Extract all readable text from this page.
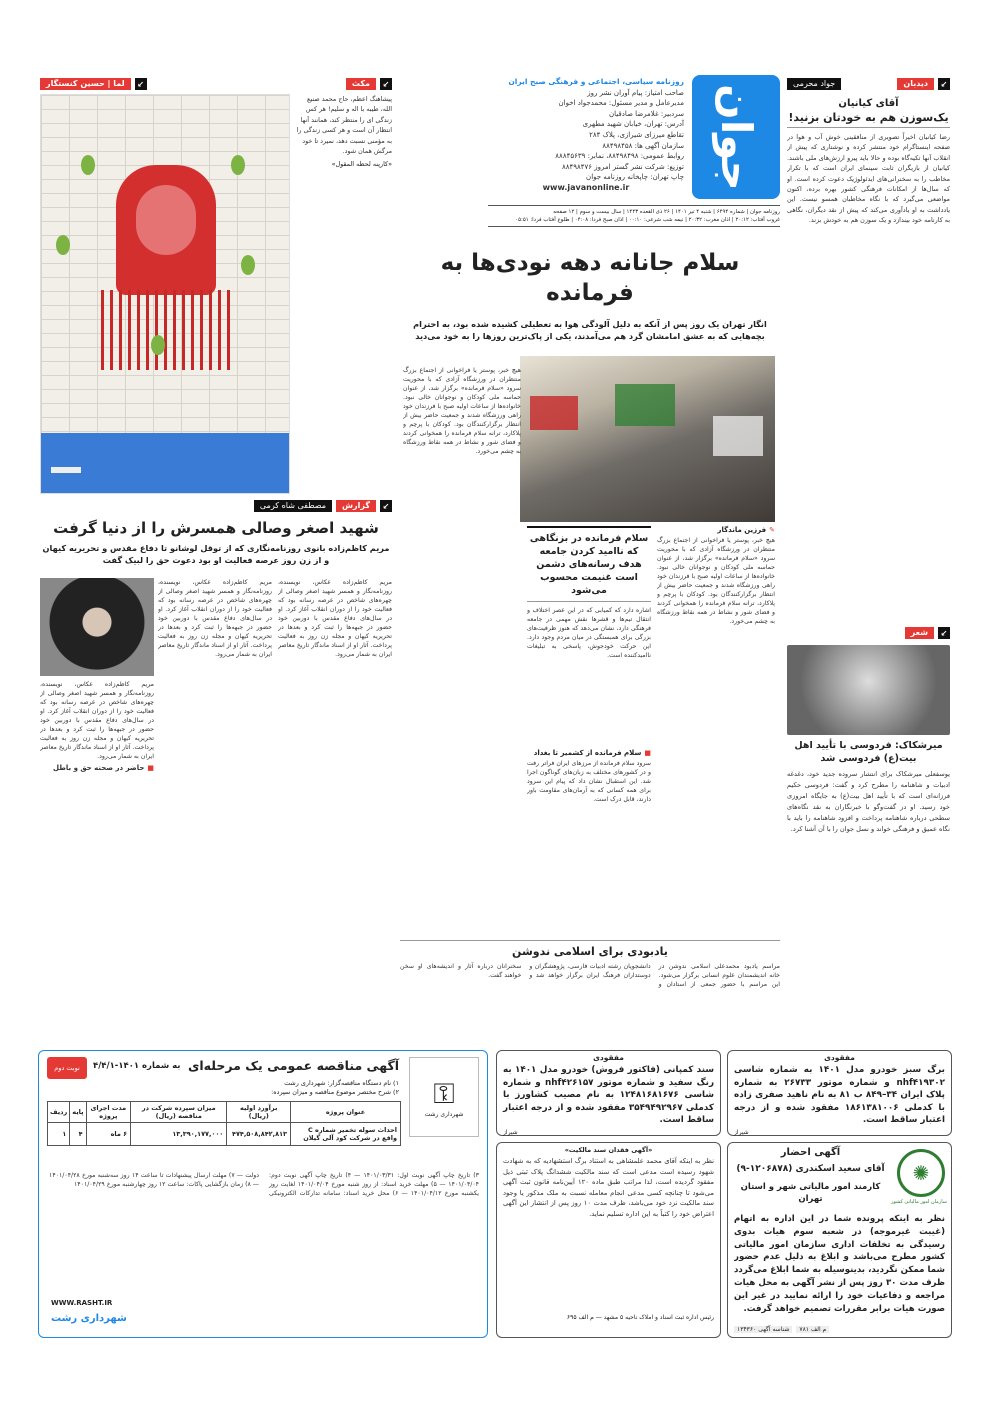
جوان
روزنامه سیاسی، اجتماعی و فرهنگی صبح ایران
صاحب امتیاز: پیام آوران نشر روز
مدیرعامل و مدیر مسئول: محمدجواد اخوان
سردبیر: غلامرضا صادقیان
آدرس: تهران، خیابان شهید مطهری
تقاطع میرزای شیرازی، پلاک ۲۸۴
سازمان آگهی ها: ۸۸۴۹۸۴۵۸
روابط عمومی: ۸۸۴۹۸۴۹۸، نمابر: ۸۸۸۴۵۶۳۹
توزیع: شرکت نشر گستر امروز ۸۸۴۹۸۴۷۶
چاپ تهران: چاپخانه روزنامه جوان
www.javanonline.ir
روزنامه جوان | شماره ۶۴۹۴ | شنبه ۴ تیر ۱۴۰۱ | ۲۶ ذی القعده ۱۴۴۳ | سال بیست و سوم | ۱۲ صفحه
غروب آفتاب: ۲۰:۱۲ | اذان مغرب: ۲۰:۳۲ | نیمه شب شرعی: ۰۰:۱۰ | اذان صبح فردا: ۰۴:۰۸ | طلوع آفتاب فردا: ۰۵:۵۱
↙
دیدبان
جواد محرمی
آقای کیانیان
یک‌سوزن هم به خودتان بزنید!
رضا کیانیان اخیراً تصویری از منافقینی خوش آب و هوا در صفحه اینستاگرام خود منتشر کرده و نوشتاری که پیش از انقلاب آنها تکیه‌گاه بوده و حالا باید پیرو ارزش‌های ملی باشند. کیانیان از بازیگران ثابت سینمای ایران است که با تکرار مخاطب را به سخنرانی‌های ایدئولوژیک دعوت کرده است. او که سال‌ها از امکانات فرهنگی کشور بهره برده، اکنون مواضعی می‌گیرد که با نگاه مخاطبان همسو نیست. این یادداشت به او یادآوری می‌کند که پیش از نقد دیگران، نگاهی به کارنامه خود بیندازد و یک سوزن هم به خودش بزند.
↙
شعر
میرشکاک: فردوسی با تأیید اهل بیت(ع) فردوسی شد
یوسفعلی میرشکاک برای انتشار سروده جدید خود، دغدغه ادبیات و شاهنامه را مطرح کرد و گفت: فردوسی حکیم فرزانه‌ای است که با تأیید اهل بیت(ع) به جایگاه امروزی خود رسید. او در گفت‌وگو با خبرنگاران به نقد نگاه‌های سطحی درباره شاهنامه پرداخت و افزود شاهنامه را باید با نگاه عمیق و فرهنگی خواند و نسل جوان را با آن آشنا کرد.
سلام جانانه دهه نودی‌ها به فرمانده
انگار تهران یک روز پس از آنکه به دلیل آلودگی هوا به تعطیلی کشیده شده بود، به احترام بچه‌هایی که به عشق امامشان گرد هم می‌آمدند، یکی از پاک‌ترین روزها را به خود می‌دید
✎
فرزین ماندگار
هیچ خبر، پوستر یا فراخوانی از اجتماع بزرگ منتظران در ورزشگاه آزادی که با محوریت سرود «سلام فرمانده» برگزار شد، از عنوان حماسه ملی کودکان و نوجوانان خالی نبود. خانواده‌ها از ساعات اولیه صبح با فرزندان خود راهی ورزشگاه شدند و جمعیت حاضر بیش از انتظار برگزارکنندگان بود. کودکان با پرچم و پلاکارد، ترانه سلام فرمانده را همخوانی کردند و فضای شور و نشاط در همه نقاط ورزشگاه به چشم می‌خورد.
سلام فرمانده در بزنگاهی که ناامید کردن جامعه هدف رسانه‌های دشمن است غنیمت محسوب می‌شود
اشاره دارد که کمیابی که در این عصر اختلاف و انتقال تیم‌ها و قشرها نقش مهمی در جامعه فرهنگی دارد، نشان می‌دهد که هنوز ظرفیت‌های بزرگی برای همبستگی در میان مردم وجود دارد. این حرکت خودجوش، پاسخی به تبلیغات ناامیدکننده است.
■
سلام فرمانده از کشمیر تا بغداد
سرود سلام فرمانده از مرزهای ایران فراتر رفت و در کشورهای مختلف به زبان‌های گوناگون اجرا شد. این استقبال نشان داد که پیام این سرود برای همه کسانی که به آرمان‌های مقاومت باور دارند، قابل درک است.
هیچ خبر، پوستر یا فراخوانی از اجتماع بزرگ منتظران در ورزشگاه آزادی که با محوریت سرود «سلام فرمانده» برگزار شد، از عنوان حماسه ملی کودکان و نوجوانان خالی نبود. خانواده‌ها از ساعات اولیه صبح با فرزندان خود راهی ورزشگاه شدند و جمعیت حاضر بیش از انتظار برگزارکنندگان بود. کودکان با پرچم و پلاکارد، ترانه سلام فرمانده را همخوانی کردند و فضای شور و نشاط در همه نقاط ورزشگاه به چشم می‌خورد.
↙
مکث
↙
لما | حسین کنستگار
پیشاهنگ اعظم، حاج محمد صنیع الله، طیبه با اله و سلیم! هر کس زندگی ای را منتظر کند، همانند آنها انتظار آن است و هر کسی زندگی را به مؤمنی نسبت دهد، نمیرد تا خود مرگش همان شود.
«کارپنه لحظه المقول»
↙
گزارش
مصطفی شاه کرمی
شهید اصغر وصالی همسرش را از دنیا گرفت
مریم کاظم‌زاده بانوی روزنامه‌نگاری که از توقل لوشانو تا دفاع مقدس و تحریریه کیهان و از زن روز عرصه فعالیت او بود دعوت حق را لبیک گفت
مریم کاظم‌زاده عکاس، نویسنده، روزنامه‌نگار و همسر شهید اصغر وصالی از چهره‌های شاخص در عرصه رسانه بود که فعالیت خود را از دوران انقلاب آغاز کرد. او در سال‌های دفاع مقدس با دوربین خود حضور در جبهه‌ها را ثبت کرد و بعدها در تحریریه کیهان و مجله زن روز به فعالیت پرداخت. آثار او از اسناد ماندگار تاریخ معاصر ایران به شمار می‌رود.
مریم کاظم‌زاده عکاس، نویسنده، روزنامه‌نگار و همسر شهید اصغر وصالی از چهره‌های شاخص در عرصه رسانه بود که فعالیت خود را از دوران انقلاب آغاز کرد. او در سال‌های دفاع مقدس با دوربین خود حضور در جبهه‌ها را ثبت کرد و بعدها در تحریریه کیهان و مجله زن روز به فعالیت پرداخت. آثار او از اسناد ماندگار تاریخ معاصر ایران به شمار می‌رود.
مریم کاظم‌زاده عکاس، نویسنده، روزنامه‌نگار و همسر شهید اصغر وصالی از چهره‌های شاخص در عرصه رسانه بود که فعالیت خود را از دوران انقلاب آغاز کرد. او در سال‌های دفاع مقدس با دوربین خود حضور در جبهه‌ها را ثبت کرد و بعدها در تحریریه کیهان و مجله زن روز به فعالیت پرداخت. آثار او از اسناد ماندگار تاریخ معاصر ایران به شمار می‌رود.
■
حاضر در صحنه حق و باطل
یادبودی برای اسلامی ندوشن
مراسم یادبود محمدعلی اسلامی ندوشن در خانه اندیشمندان علوم انسانی برگزار می‌شود. این مراسم با حضور جمعی از استادان و دانشجویان رشته ادبیات فارسی، پژوهشگران و دوستداران فرهنگ ایران برگزار خواهد شد و سخنرانان درباره آثار و اندیشه‌های او سخن خواهند گفت.
نوبت دوم به شماره ۱۴۰۱-۴/۴/۱ آگهی مناقصه عمومی یک مرحله‌ای
⚿
شهرداری رشت
۱) نام دستگاه مناقصه‌گزار: شهرداری رشت
۲) شرح مختصر موضوع مناقصه و میزان سپرده:
عنوان پروژه	برآورد اولیه (ریال)	میزان سپرده شرکت در مناقصه (ریال)	مدت اجرای پروژه	پایه	ردیف
احداث سوله تخمیر شماره C واقع در شرکت کود آلی گیلان	۴۷۴,۵۰۸,۸۴۲,۸۱۳	۱۳,۳۹۰,۱۷۷,۰۰۰	۶ ماه	۴	۱
۳) تاریخ چاپ آگهی نوبت اول: ۱۴۰۱/۰۳/۳۱ — ۴) تاریخ چاپ آگهی نوبت دوم: ۱۴۰۱/۰۴/۰۴ — ۵) مهلت خرید اسناد: از روز شنبه مورخ ۱۴۰۱/۰۴/۰۴ لغایت روز یکشنبه مورخ ۱۴۰۱/۰۴/۱۲ — ۶) محل خرید اسناد: سامانه تدارکات الکترونیکی دولت — ۷) مهلت ارسال پیشنهادات تا ساعت ۱۴ روز سه‌شنبه مورخ ۱۴۰۱/۰۴/۲۸ — ۸) زمان بازگشایی پاکات: ساعت ۱۲ روز چهارشنبه مورخ ۱۴۰۱/۰۴/۲۹
WWW.RASHT.IR
شهرداری رشت
مفقودی
سند کمپانی (فاکتور فروش) خودرو مدل ۱۴۰۱ به رنگ سفید و شماره موتور nhf۴۲۶۱۵۷ و شماره شاسی ۱۲۴۸۱۶۸۱۶۷۶ به نام مصیب کشاورز با کدملی ۳۵۴۹۴۹۲۹۶۷ مفقود شده و از درجه اعتبار ساقط است.
شیراز
مفقودی
برگ سبز خودرو مدل ۱۴۰۱ به شماره شاسی nhf۴۱۹۳۰۲ و شماره موتور ۲۶۷۳۳ به شماره پلاک ایران ۳۴–۸۴۹ ب ۸۱ به نام ناهید صفری زاده با کدملی ۱۸۶۱۳۸۱۰۰۶ مفقود شده و از درجه اعتبار ساقط است.
شیراز
«آگهی فقدان سند مالکیت»
نظر به اینکه آقای محمد علمشاهی به استناد برگ استشهادیه که به شهادت شهود رسیده است مدعی است که سند مالکیت ششدانگ پلاک ثبتی ذیل مفقود گردیده است، لذا مراتب طبق ماده ۱۲۰ آیین‌نامه قانون ثبت آگهی می‌شود تا چنانچه کسی مدعی انجام معامله نسبت به ملک مذکور یا وجود سند مالکیت نزد خود می‌باشد، ظرف مدت ۱۰ روز پس از انتشار این آگهی اعتراض خود را کتباً به این اداره تسلیم نماید.
رئیس اداره ثبت اسناد و املاک ناحیه ۵ مشهد — م الف ۶۹۵
✺
سازمان امور مالیاتی کشور
آگهی احضار
آقای سعید اسکندری (۱۲۰۶۸۷۸-۹)
کارمند امور مالیاتی شهر و استان تهران
نظر به اینکه پرونده شما در این اداره به اتهام (غیبت غیرموجه) در شعبه سوم هیات بدوی رسیدگی به تخلفات اداری سازمان امور مالیاتی کشور مطرح می‌باشد و ابلاغ به دلیل عدم حضور شما ممکن نگردید، بدینوسیله به شما ابلاغ می‌گردد ظرف مدت ۳۰ روز پس از نشر آگهی به محل هیات مراجعه و دفاعیات خود را ارائه نمایید در غیر این صورت هیات برابر مقررات تصمیم خواهد گرفت.
م الف ۷۸۱
شناسه آگهی ۱۳۴۳۶۰
